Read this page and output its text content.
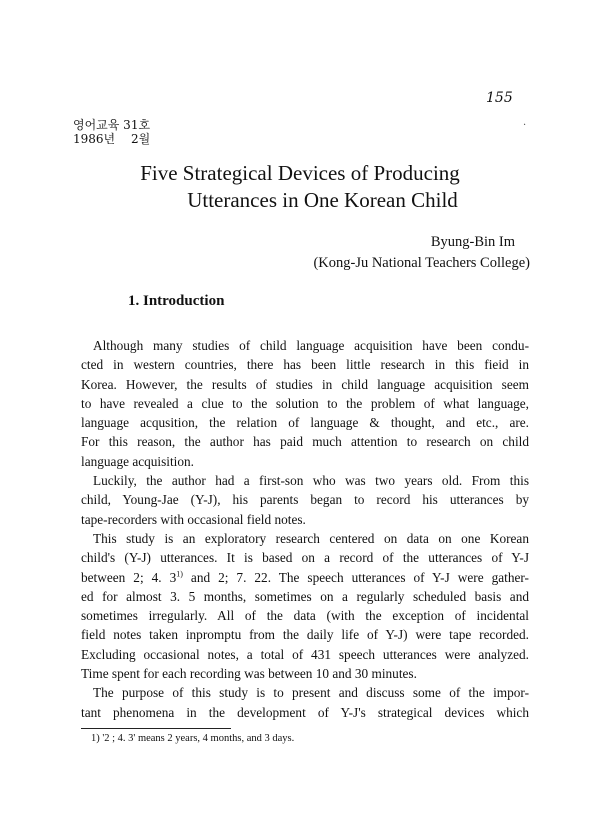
155
·
영어교육 31호
1986년　 2월
Five Strategical Devices of Producing
Utterances in One Korean Child
Byung-Bin Im
(Kong-Ju National Teachers College)
1. Introduction
Although many studies of child language acquisition have been condu-
cted in western countries, there has been little research in this fieid in
Korea. However, the results of studies in child language acquisition seem
to have revealed a clue to the solution to the problem of what language,
language acqusition, the relation of language & thought, and etc., are.
For this reason, the author has paid much attention to research on child
language acquisition.
Luckily, the author had a first-son who was two years old. From this
child, Young-Jae (Y-J), his parents began to record his utterances by
tape-recorders with occasional field notes.
This study is an exploratory research centered on data on one Korean
child's (Y-J) utterances. It is based on a record of the utterances of Y-J
between 2; 4. 3$^{1)}$ and 2; 7. 22. The speech utterances of Y-J were gather-
ed for almost 3. 5 months, sometimes on a regularly scheduled basis and
sometimes irregularly. All of the data (with the exception of incidental
field notes taken inpromptu from the daily life of Y-J) were tape recorded.
Excluding occasional notes, a total of 431 speech utterances were analyzed.
Time spent for each recording was between 10 and 30 minutes.
The purpose of this study is to present and discuss some of the impor-
tant phenomena in the development of Y-J's strategical devices which
1) '2 ; 4. 3' means 2 years, 4 months, and 3 days.
